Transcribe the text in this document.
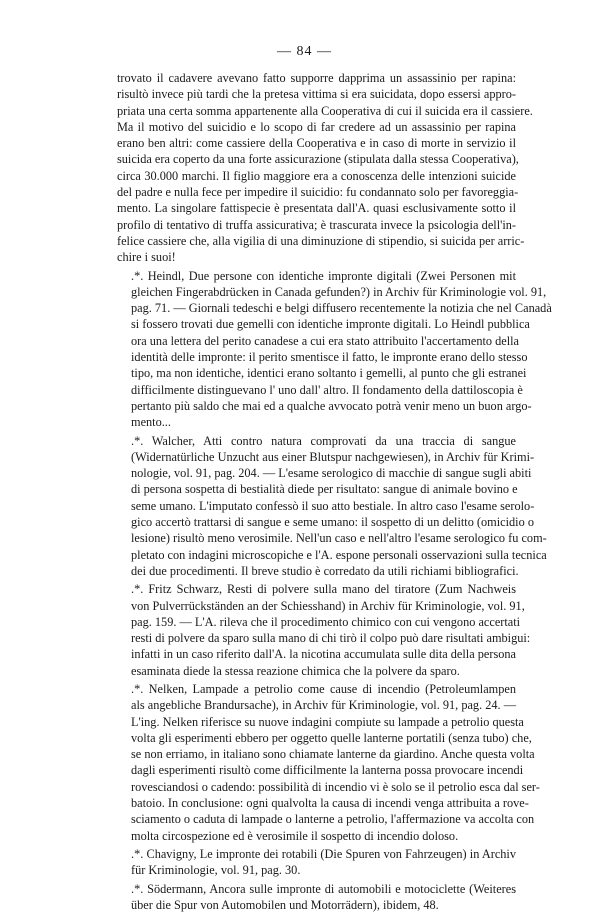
— 84 —

trovato il cadavere avevano fatto supporre dapprima un assassinio per rapina:
risultò invece più tardi che la pretesa vittima si era suicidata, dopo essersi appro-
priata una certa somma appartenente alla Cooperativa di cui il suicida era il cassiere.
Ma il motivo del suicidio e lo scopo di far credere ad un assassinio per rapina
erano ben altri: come cassiere della Cooperativa e in caso di morte in servizio il
suicida era coperto da una forte assicurazione (stipulata dalla stessa Cooperativa),
circa 30.000 marchi. Il figlio maggiore era a conoscenza delle intenzioni suicide
del padre e nulla fece per impedire il suicidio: fu condannato solo per favoreggia-
mento. La singolare fattispecie è presentata dall'A. quasi esclusivamente sotto il
profilo di tentativo di truffa assicurativa; è trascurata invece la psicologia dell'in-
felice cassiere che, alla vigilia di una diminuzione di stipendio, si suicida per arric-
chire i suoi!

.*. Heindl, Due persone con identiche impronte digitali (Zwei Personen mit
gleichen Fingerabdrücken in Canada gefunden?) in Archiv für Kriminologie vol. 91,
pag. 71. — Giornali tedeschi e belgi diffusero recentemente la notizia che nel Canadà
si fossero trovati due gemelli con identiche impronte digitali. Lo Heindl pubblica
ora una lettera del perito canadese a cui era stato attribuito l'accertamento della
identità delle impronte: il perito smentisce il fatto, le impronte erano dello stesso
tipo, ma non identiche, identici erano soltanto i gemelli, al punto che gli estranei
difficilmente distinguevano l' uno dall' altro. Il fondamento della dattiloscopia è
pertanto più saldo che mai ed a qualche avvocato potrà venir meno un buon argo-
mento...

.*. Walcher, Atti contro natura comprovati da una traccia di sangue
(Widernatürliche Unzucht aus einer Blutspur nachgewiesen), in Archiv für Krimi-
nologie, vol. 91, pag. 204. — L'esame serologico di macchie di sangue sugli abiti
di persona sospetta di bestialità diede per risultato: sangue di animale bovino e
seme umano. L'imputato confessò il suo atto bestiale. In altro caso l'esame serolo-
gico accertò trattarsi di sangue e seme umano: il sospetto di un delitto (omicidio o
lesione) risultò meno verosimile. Nell'un caso e nell'altro l'esame serologico fu com-
pletato con indagini microscopiche e l'A. espone personali osservazioni sulla tecnica
dei due procedimenti. Il breve studio è corredato da utili richiami bibliografici.

.*. Fritz Schwarz, Resti di polvere sulla mano del tiratore (Zum Nachweis
von Pulverrückständen an der Schiesshand) in Archiv für Kriminologie, vol. 91,
pag. 159. — L'A. rileva che il procedimento chimico con cui vengono accertati
resti di polvere da sparo sulla mano di chi tirò il colpo può dare risultati ambigui:
infatti in un caso riferito dall'A. la nicotina accumulata sulle dita della persona
esaminata diede la stessa reazione chimica che la polvere da sparo.

.*. Nelken, Lampade a petrolio come cause di incendio (Petroleumlampen
als angebliche Brandursache), in Archiv für Kriminologie, vol. 91, pag. 24. —
L'ing. Nelken riferisce su nuove indagini compiute su lampade a petrolio questa
volta gli esperimenti ebbero per oggetto quelle lanterne portatili (senza tubo) che,
se non erriamo, in italiano sono chiamate lanterne da giardino. Anche questa volta
dagli esperimenti risultò come difficilmente la lanterna possa provocare incendi
rovesciandosi o cadendo: possibilità di incendio vi è solo se il petrolio esca dal ser-
batoio. In conclusione: ogni qualvolta la causa di incendi venga attribuita a rove-
sciamento o caduta di lampade o lanterne a petrolio, l'affermazione va accolta con
molta circospezione ed è verosimile il sospetto di incendio doloso.

.*. Chavigny, Le impronte dei rotabili (Die Spuren von Fahrzeugen) in Archiv
für Kriminologie, vol. 91, pag. 30.

.*. Södermann, Ancora sulle impronte di automobili e motociclette (Weiteres
über die Spur von Automobilen und Motorrädern), ibidem, 48.
